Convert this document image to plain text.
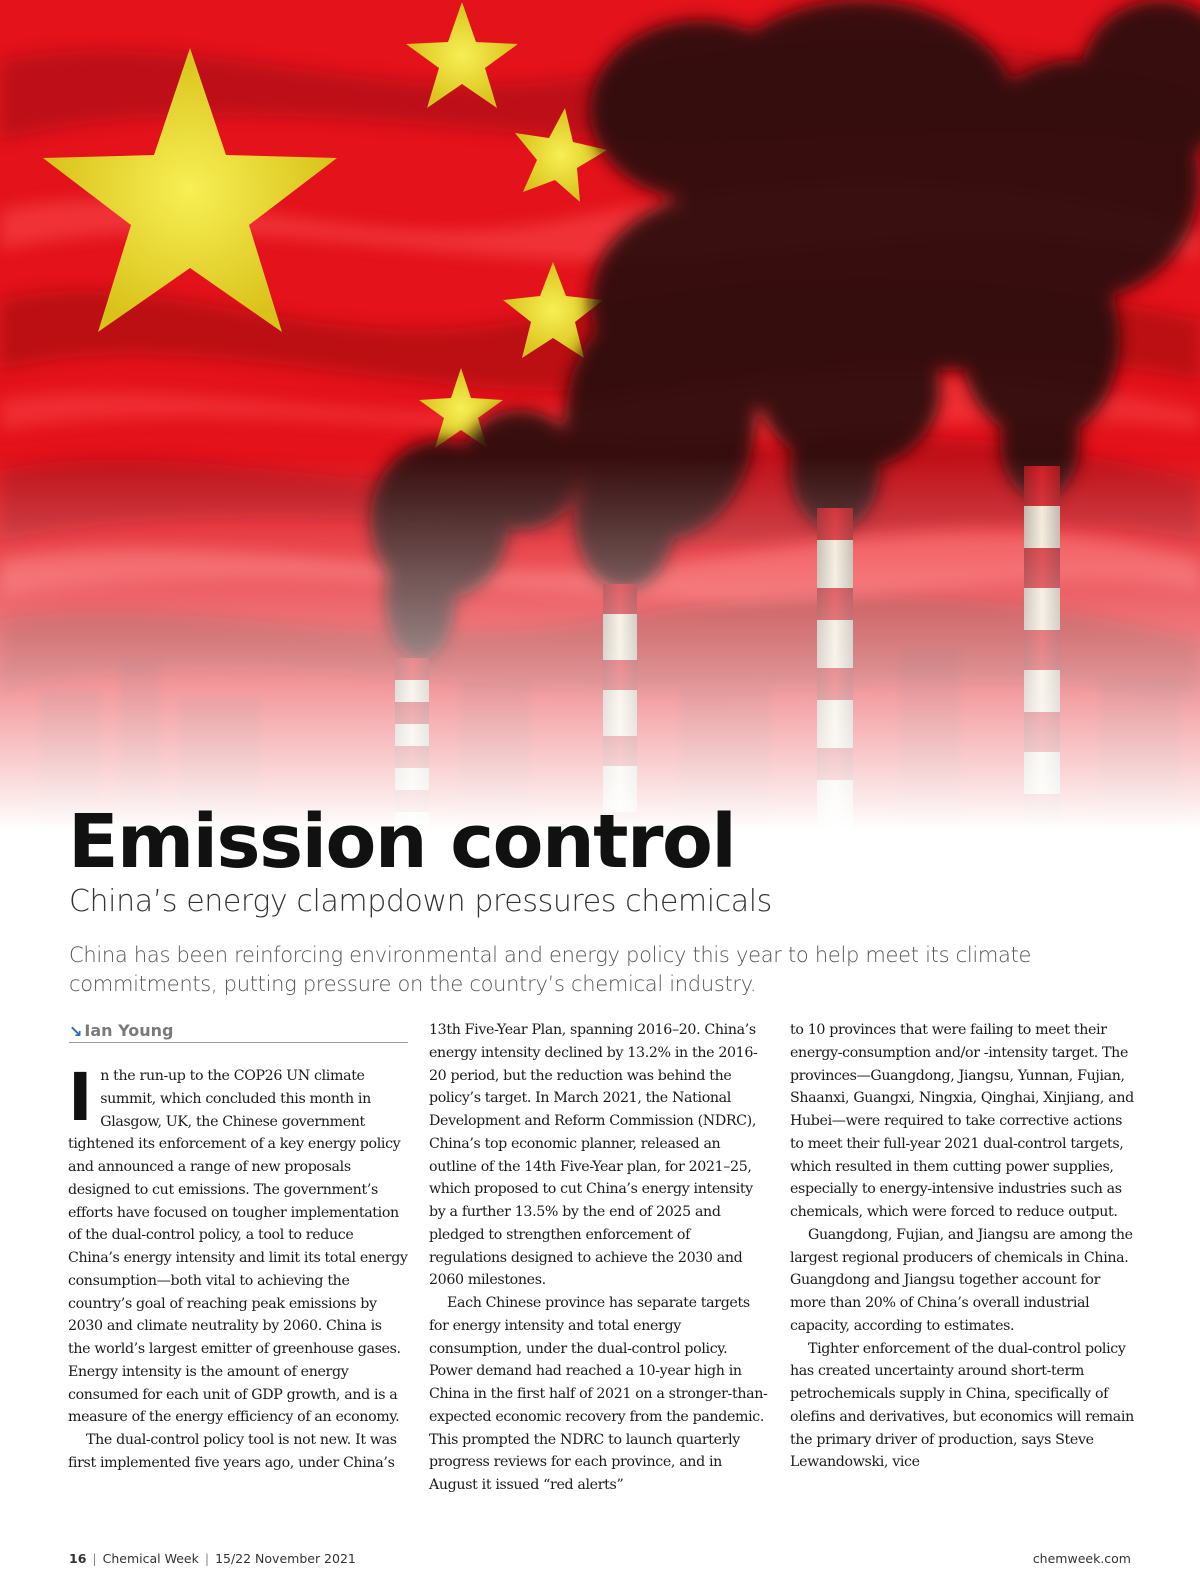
Emission control
China’s energy clampdown pressures chemicals

China has been reinforcing environmental and energy policy this year to help meet its climate commitments, putting pressure on the country’s chemical industry.

↘ Ian Young

In the run-up to the COP26 UN climate summit, which concluded this month in Glasgow, UK, the Chinese government tightened its enforcement of a key energy policy and announced a range of new proposals designed to cut emissions. The government’s efforts have focused on tougher implementation of the dual-control policy, a tool to reduce China’s energy intensity and limit its total energy consumption—both vital to achieving the country’s goal of reaching peak emissions by 2030 and climate neutrality by 2060. China is the world’s largest emitter of greenhouse gases. Energy intensity is the amount of energy consumed for each unit of GDP growth, and is a measure of the energy efficiency of an economy.

The dual-control policy tool is not new. It was first implemented five years ago, under China’s

13th Five-Year Plan, spanning 2016–20. China’s energy intensity declined by 13.2% in the 2016-20 period, but the reduction was behind the policy’s target. In March 2021, the National Development and Reform Commission (NDRC), China’s top economic planner, released an outline of the 14th Five-Year plan, for 2021–25, which proposed to cut China’s energy intensity by a further 13.5% by the end of 2025 and pledged to strengthen enforcement of regulations designed to achieve the 2030 and 2060 milestones.

Each Chinese province has separate targets for energy intensity and total energy consumption, under the dual-control policy. Power demand had reached a 10-year high in China in the first half of 2021 on a stronger-than-expected economic recovery from the pandemic. This prompted the NDRC to launch quarterly progress reviews for each province, and in August it issued “red alerts”

to 10 provinces that were failing to meet their energy-consumption and/or -intensity target. The provinces—Guangdong, Jiangsu, Yunnan, Fujian, Shaanxi, Guangxi, Ningxia, Qinghai, Xinjiang, and Hubei—were required to take corrective actions to meet their full-year 2021 dual-control targets, which resulted in them cutting power supplies, especially to energy-intensive industries such as chemicals, which were forced to reduce output.

Guangdong, Fujian, and Jiangsu are among the largest regional producers of chemicals in China. Guangdong and Jiangsu together account for more than 20% of China’s overall industrial capacity, according to estimates.

Tighter enforcement of the dual-control policy has created uncertainty around short-term petrochemicals supply in China, specifically of olefins and derivatives, but economics will remain the primary driver of production, says Steve Lewandowski, vice

16 | Chemical Week | 15/22 November 2021	chemweek.com
